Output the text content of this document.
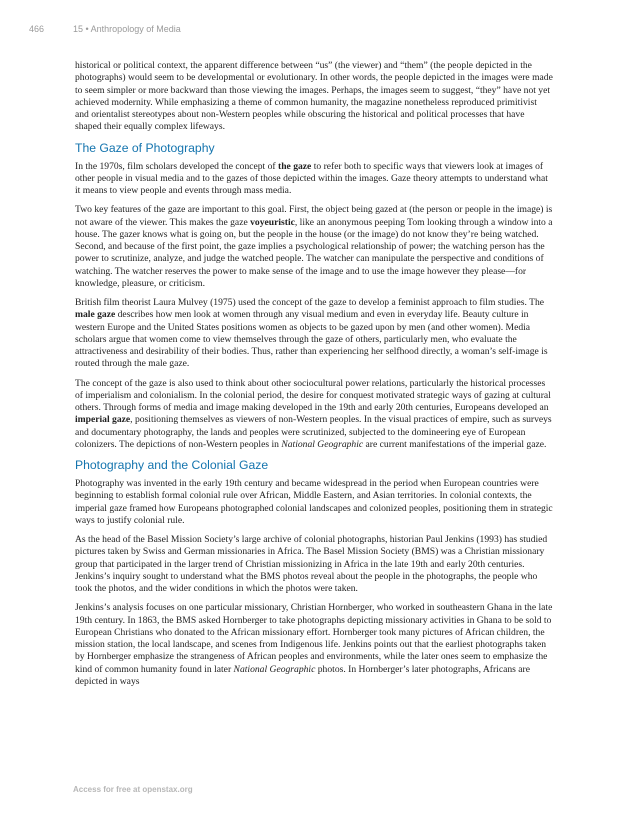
466	15 • Anthropology of Media

historical or political context, the apparent difference between “us” (the viewer) and “them” (the people depicted in the photographs) would seem to be developmental or evolutionary. In other words, the people depicted in the images were made to seem simpler or more backward than those viewing the images. Perhaps, the images seem to suggest, “they” have not yet achieved modernity. While emphasizing a theme of common humanity, the magazine nonetheless reproduced primitivist and orientalist stereotypes about non-Western peoples while obscuring the historical and political processes that have shaped their equally complex lifeways.

The Gaze of Photography

In the 1970s, film scholars developed the concept of the gaze to refer both to specific ways that viewers look at images of other people in visual media and to the gazes of those depicted within the images. Gaze theory attempts to understand what it means to view people and events through mass media.

Two key features of the gaze are important to this goal. First, the object being gazed at (the person or people in the image) is not aware of the viewer. This makes the gaze voyeuristic, like an anonymous peeping Tom looking through a window into a house. The gazer knows what is going on, but the people in the house (or the image) do not know they’re being watched. Second, and because of the first point, the gaze implies a psychological relationship of power; the watching person has the power to scrutinize, analyze, and judge the watched people. The watcher can manipulate the perspective and conditions of watching. The watcher reserves the power to make sense of the image and to use the image however they please—for knowledge, pleasure, or criticism.

British film theorist Laura Mulvey (1975) used the concept of the gaze to develop a feminist approach to film studies. The male gaze describes how men look at women through any visual medium and even in everyday life. Beauty culture in western Europe and the United States positions women as objects to be gazed upon by men (and other women). Media scholars argue that women come to view themselves through the gaze of others, particularly men, who evaluate the attractiveness and desirability of their bodies. Thus, rather than experiencing her selfhood directly, a woman’s self-image is routed through the male gaze.

The concept of the gaze is also used to think about other sociocultural power relations, particularly the historical processes of imperialism and colonialism. In the colonial period, the desire for conquest motivated strategic ways of gazing at cultural others. Through forms of media and image making developed in the 19th and early 20th centuries, Europeans developed an imperial gaze, positioning themselves as viewers of non-Western peoples. In the visual practices of empire, such as surveys and documentary photography, the lands and peoples were scrutinized, subjected to the domineering eye of European colonizers. The depictions of non-Western peoples in National Geographic are current manifestations of the imperial gaze.

Photography and the Colonial Gaze

Photography was invented in the early 19th century and became widespread in the period when European countries were beginning to establish formal colonial rule over African, Middle Eastern, and Asian territories. In colonial contexts, the imperial gaze framed how Europeans photographed colonial landscapes and colonized peoples, positioning them in strategic ways to justify colonial rule.

As the head of the Basel Mission Society’s large archive of colonial photographs, historian Paul Jenkins (1993) has studied pictures taken by Swiss and German missionaries in Africa. The Basel Mission Society (BMS) was a Christian missionary group that participated in the larger trend of Christian missionizing in Africa in the late 19th and early 20th centuries. Jenkins’s inquiry sought to understand what the BMS photos reveal about the people in the photographs, the people who took the photos, and the wider conditions in which the photos were taken.

Jenkins’s analysis focuses on one particular missionary, Christian Hornberger, who worked in southeastern Ghana in the late 19th century. In 1863, the BMS asked Hornberger to take photographs depicting missionary activities in Ghana to be sold to European Christians who donated to the African missionary effort. Hornberger took many pictures of African children, the mission station, the local landscape, and scenes from Indigenous life. Jenkins points out that the earliest photographs taken by Hornberger emphasize the strangeness of African peoples and environments, while the later ones seem to emphasize the kind of common humanity found in later National Geographic photos. In Hornberger’s later photographs, Africans are depicted in ways

Access for free at openstax.org
